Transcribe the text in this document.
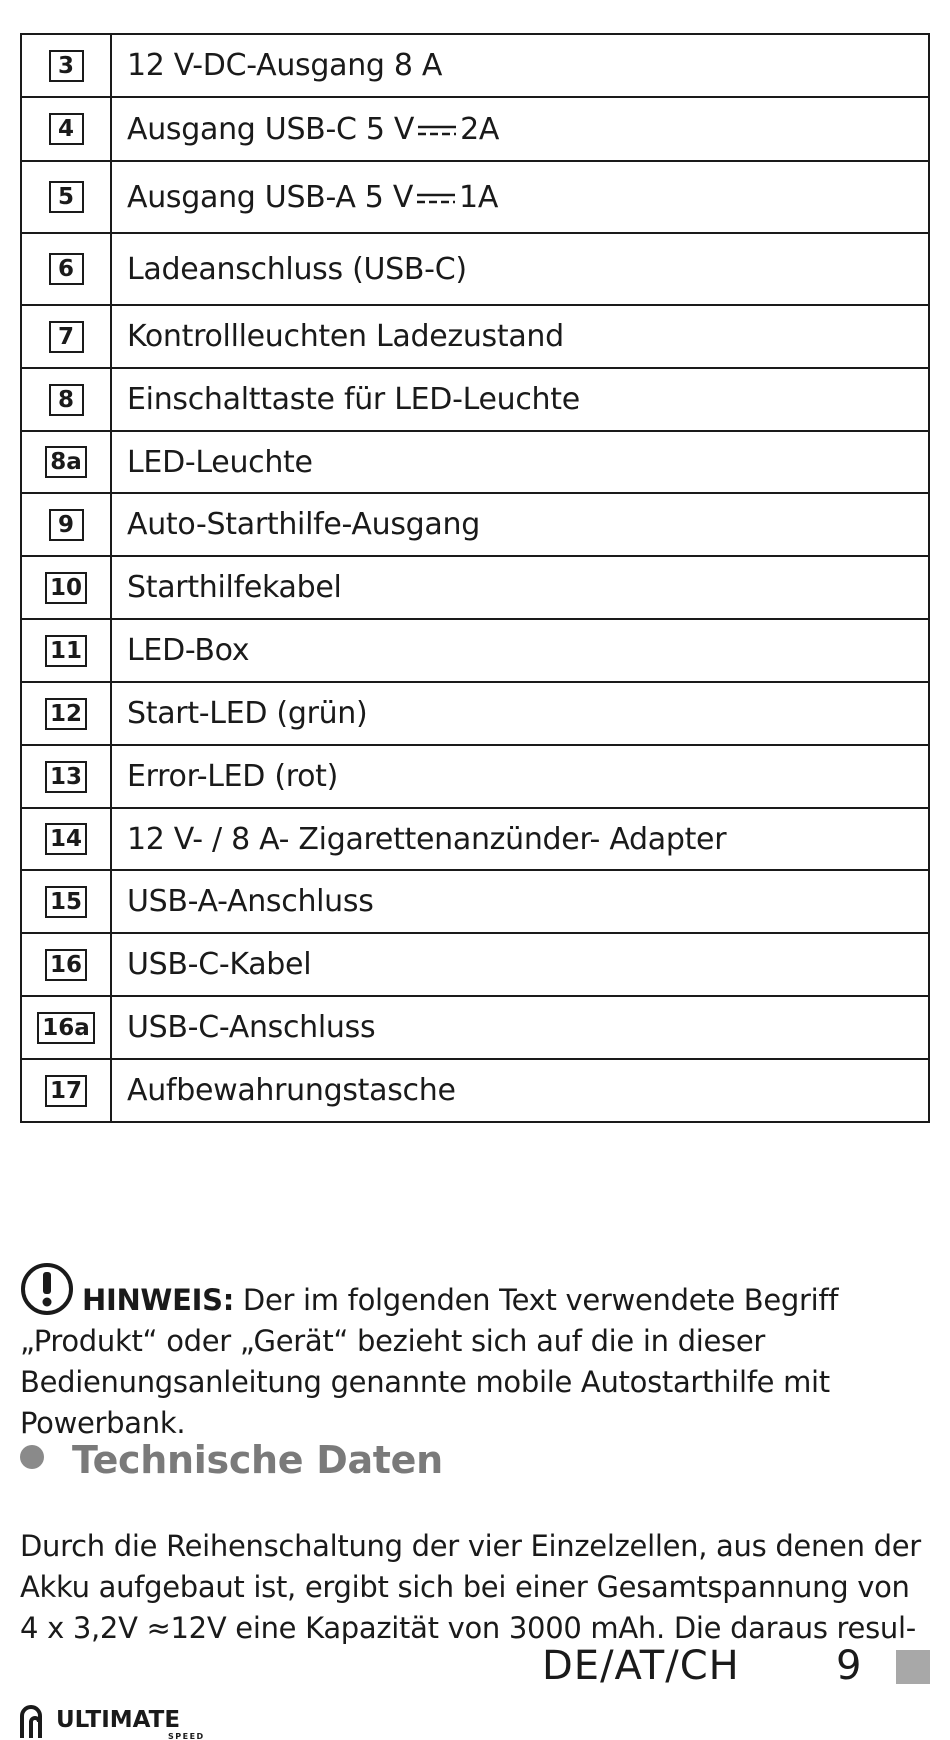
3	12 V-DC-Ausgang 8 A
4	Ausgang USB-C 5 V 2A
5	Ausgang USB-A 5 V 1A
6	Ladeanschluss (USB-C)
7	Kontrollleuchten Ladezustand
8	Einschalttaste für LED-Leuchte
8a	LED-Leuchte
9	Auto-Starthilfe-Ausgang
10	Starthilfekabel
11	LED-Box
12	Start-LED (grün)
13	Error-LED (rot)
14	12 V- / 8 A- Zigarettenanzünder- Adapter
15	USB-A-Anschluss
16	USB-C-Kabel
16a	USB-C-Anschluss
17	Aufbewahrungstasche
HINWEIS: Der im folgenden Text verwendete Begriff „Produkt“ oder „Gerät“ bezieht sich auf die in dieser Bedienungsanleitung genannte mobile Autostarthilfe mit Powerbank.
Technische Daten
Durch die Reihenschaltung der vier Einzelzellen, aus denen der Akku aufgebaut ist, ergibt sich bei einer Gesamtspannung von 4 x 3,2V ≈12V eine Kapazität von 3000 mAh. Die daraus resul-
ULTIMATE
SPEED
DE/AT/CH 9
